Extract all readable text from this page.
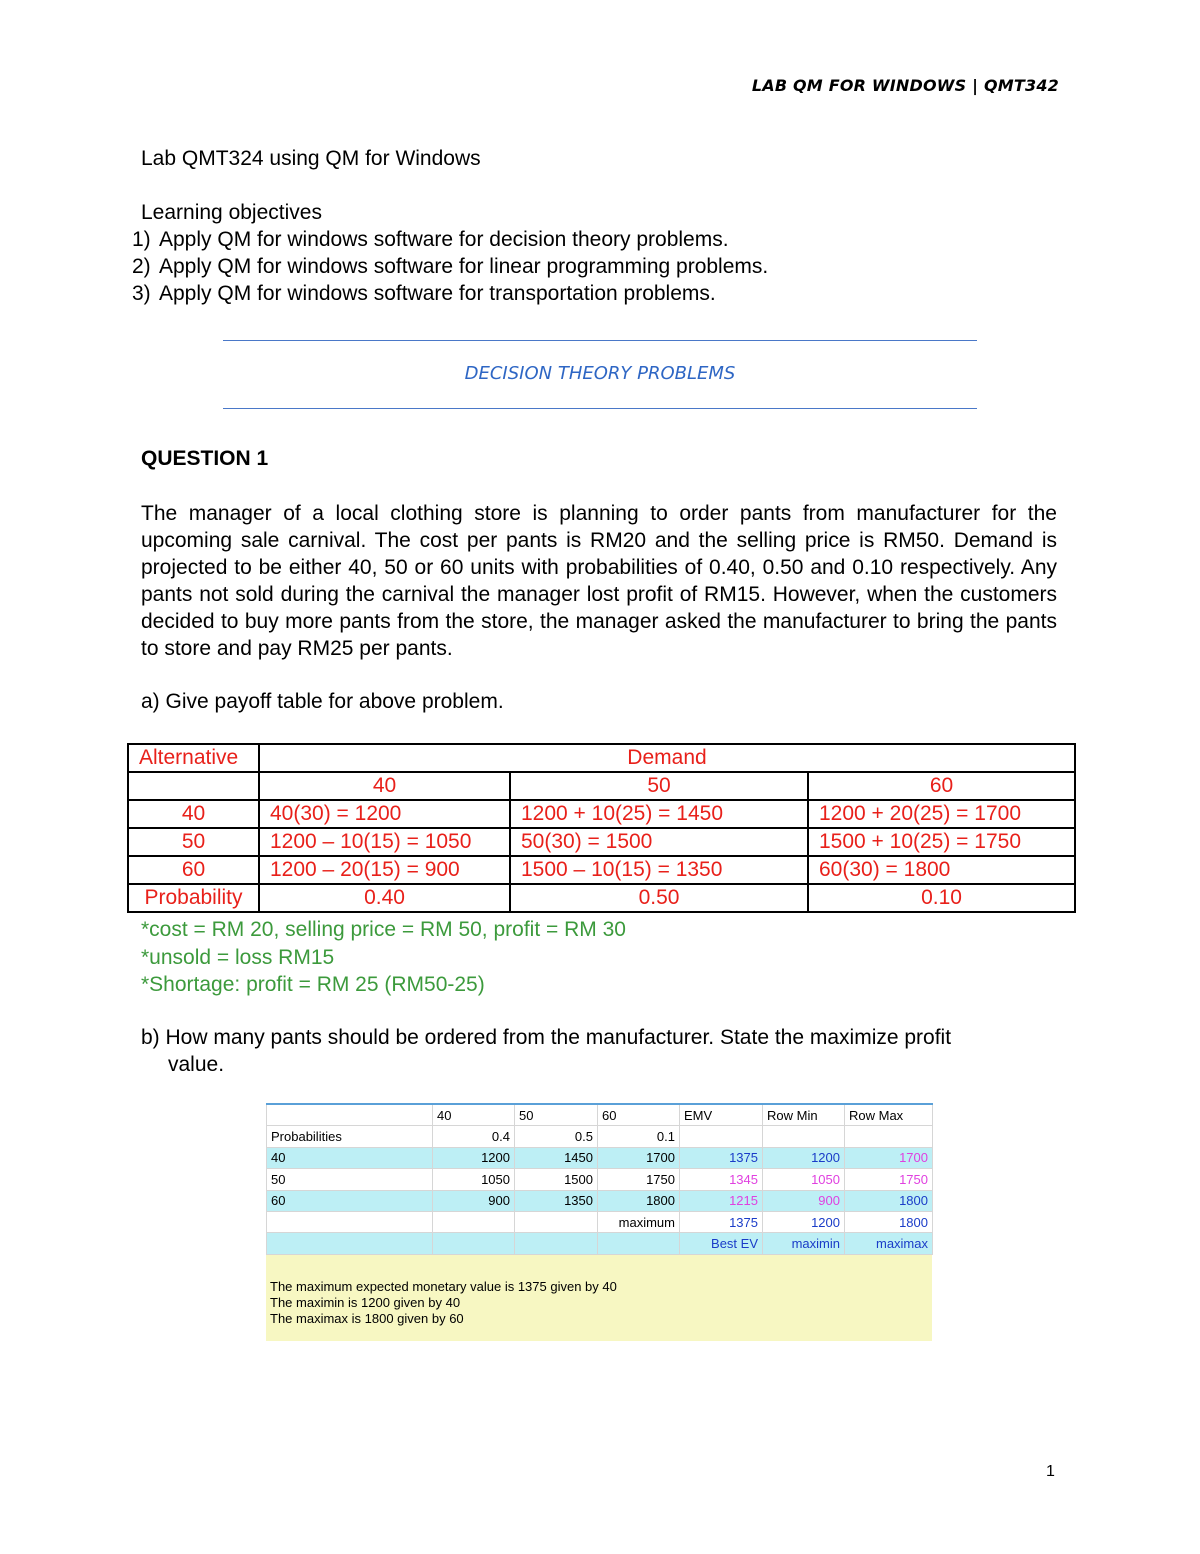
LAB QM FOR WINDOWS | QMT342

Lab QMT324 using QM for Windows

Learning objectives

1) Apply QM for windows software for decision theory problems.
2) Apply QM for windows software for linear programming problems.
3) Apply QM for windows software for transportation problems.
DECISION THEORY PROBLEMS
QUESTION 1

The manager of a local clothing store is planning to order pants from manufacturer for the upcoming sale carnival. The cost per pants is RM20 and the selling price is RM50. Demand is projected to be either 40, 50 or 60 units with probabilities of 0.40, 0.50 and 0.10 respectively. Any pants not sold during the carnival the manager lost profit of RM15. However, when the customers decided to buy more pants from the store, the manager asked the manufacturer to bring the pants to store and pay RM25 per pants.

a) Give payoff table for above problem.

Alternative	Demand		
	40	50	60
40	40(30) = 1200	1200 + 10(25) = 1450	1200 + 20(25) = 1700
50	1200 – 10(15) = 1050	50(30) = 1500	1500 + 10(25) = 1750
60	1200 – 20(15) = 900	1500 – 10(15) = 1350	60(30) = 1800
Probability	0.40	0.50	0.10
*cost = RM 20, selling price = RM 50, profit = RM 30
*unsold = loss RM15
*Shortage: profit = RM 25 (RM50-25)
b) How many pants should be ordered from the manufacturer. State the maximize profit
value.
	40	50	60	EMV	Row Min	Row Max
Probabilities	0.4	0.5	0.1			
40	1200	1450	1700	1375	1200	1700
50	1050	1500	1750	1345	1050	1750
60	900	1350	1800	1215	900	1800
			maximum	1375	1200	1800
				Best EV	maximin	maximax
The maximum expected monetary value is 1375 given by 40
The maximin is 1200 given by 40
The maximax is 1800 given by 60
1
